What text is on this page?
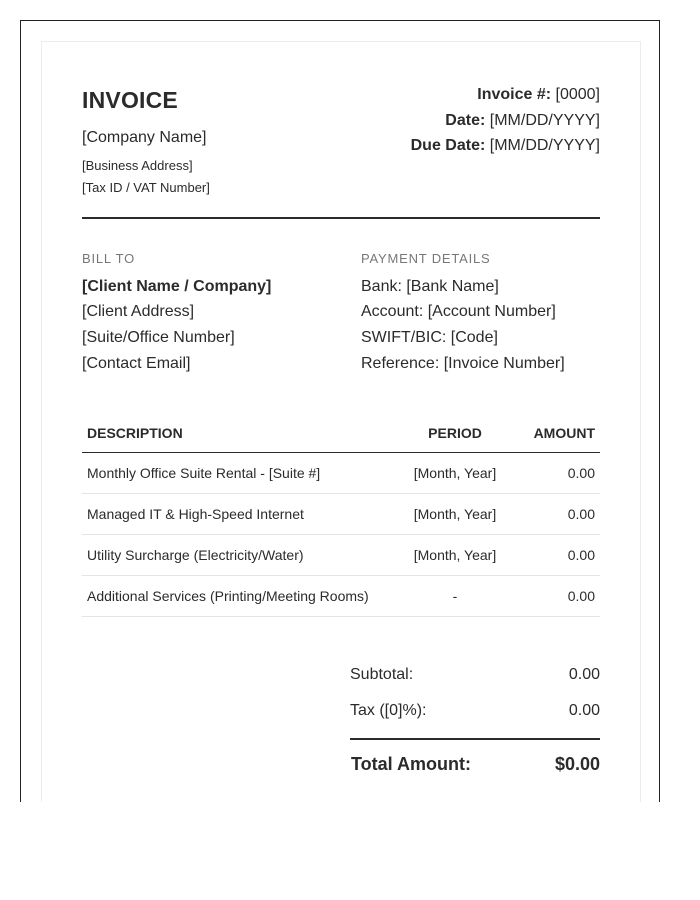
INVOICE
[Company Name]
[Business Address]
[Tax ID / VAT Number]
Invoice #: [0000]
Date: [MM/DD/YYYY]
Due Date: [MM/DD/YYYY]
BILL TO
[Client Name / Company]
[Client Address]
[Suite/Office Number]
[Contact Email]
PAYMENT DETAILS
Bank: [Bank Name]
Account: [Account Number]
SWIFT/BIC: [Code]
Reference: [Invoice Number]
DESCRIPTION	PERIOD	AMOUNT
Monthly Office Suite Rental - [Suite #]	[Month, Year]	0.00
Managed IT & High-Speed Internet	[Month, Year]	0.00
Utility Surcharge (Electricity/Water)	[Month, Year]	0.00
Additional Services (Printing/Meeting Rooms)	-	0.00
Subtotal:	0.00
Tax ([0]%):	0.00
Total Amount:	$0.00
